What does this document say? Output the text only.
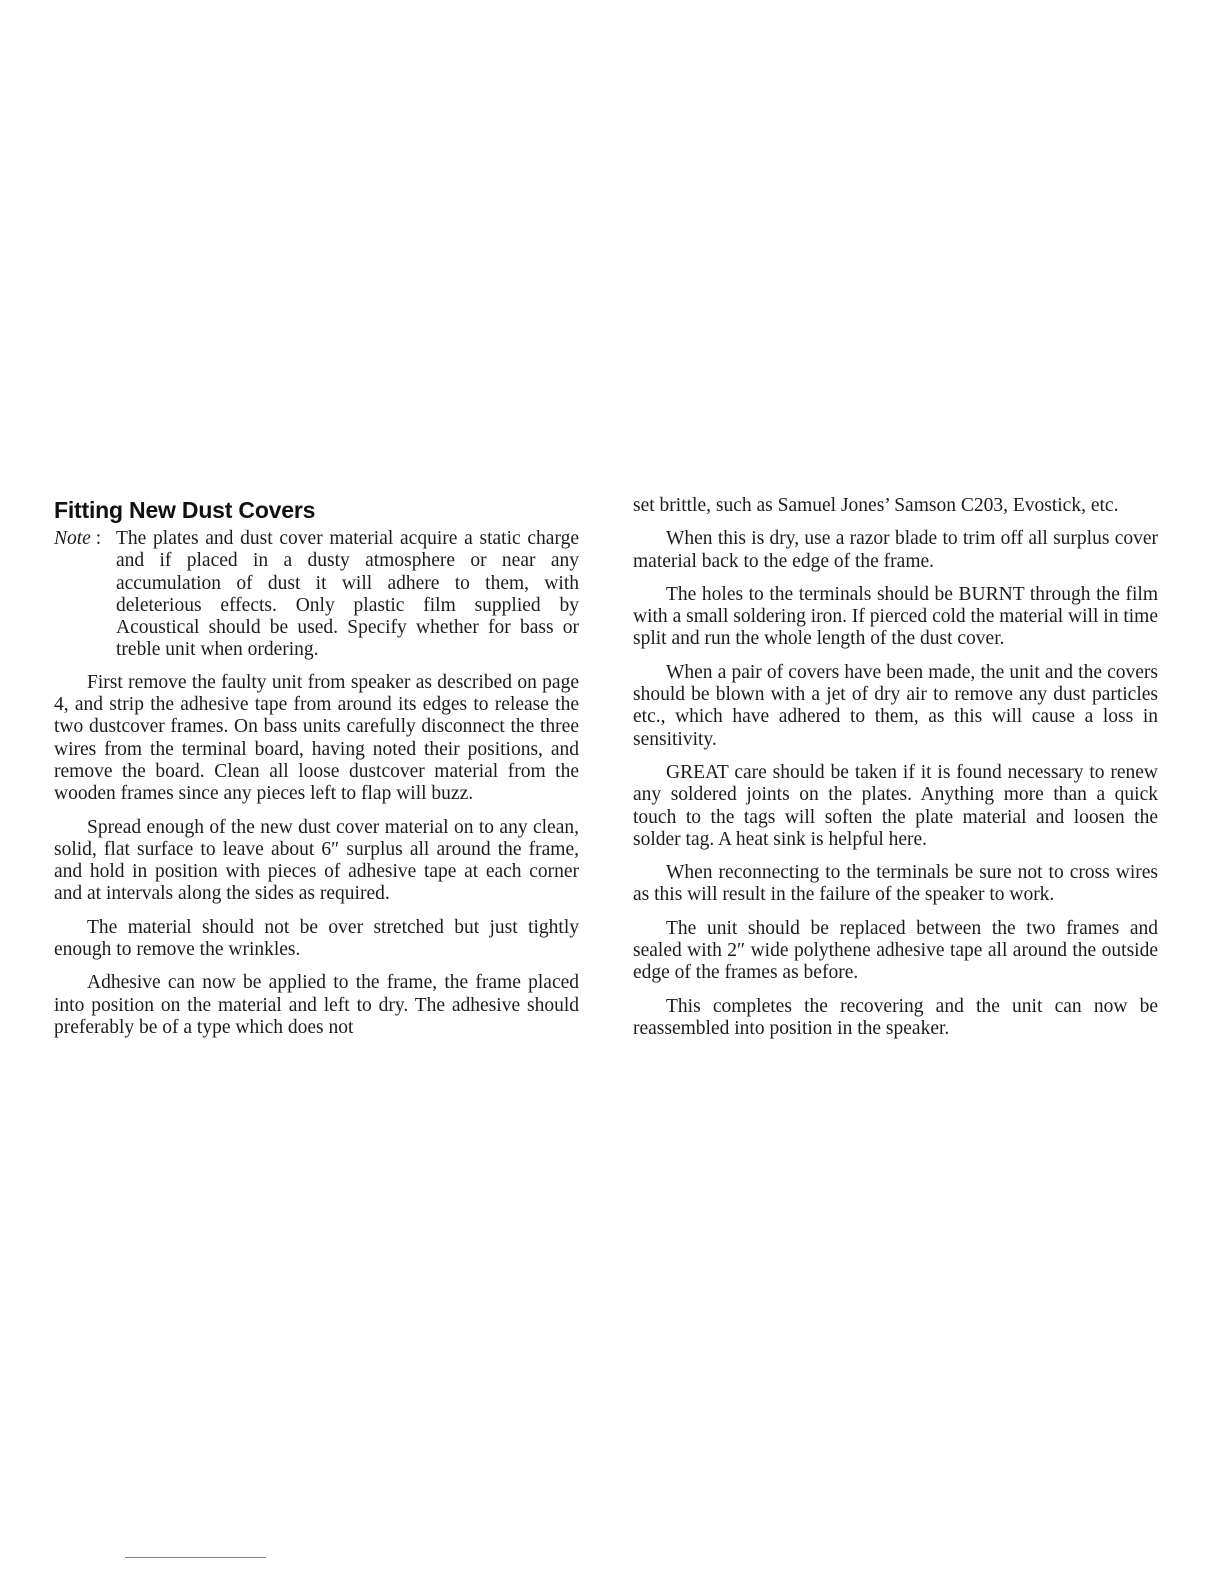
Fitting New Dust Covers
Note : The plates and dust cover material acquire a static charge and if placed in a dusty atmosphere or near any accumulation of dust it will adhere to them, with deleterious effects. Only plastic film supplied by Acoustical should be used. Specify whether for bass or treble unit when ordering.

First remove the faulty unit from speaker as described on page 4, and strip the adhesive tape from around its edges to release the two dustcover frames. On bass units carefully disconnect the three wires from the terminal board, having noted their positions, and remove the board. Clean all loose dustcover material from the wooden frames since any pieces left to flap will buzz.

Spread enough of the new dust cover material on to any clean, solid, flat surface to leave about 6″ surplus all around the frame, and hold in position with pieces of adhesive tape at each corner and at intervals along the sides as required.

The material should not be over stretched but just tightly enough to remove the wrinkles.

Adhesive can now be applied to the frame, the frame placed into position on the material and left to dry. The adhesive should preferably be of a type which does not

set brittle, such as Samuel Jones’ Samson C203, Evostick, etc.

When this is dry, use a razor blade to trim off all surplus cover material back to the edge of the frame.

The holes to the terminals should be BURNT through the film with a small soldering iron. If pierced cold the material will in time split and run the whole length of the dust cover.

When a pair of covers have been made, the unit and the covers should be blown with a jet of dry air to remove any dust particles etc., which have adhered to them, as this will cause a loss in sensitivity.

GREAT care should be taken if it is found necessary to renew any soldered joints on the plates. Anything more than a quick touch to the tags will soften the plate material and loosen the solder tag. A heat sink is helpful here.

When reconnecting to the terminals be sure not to cross wires as this will result in the failure of the speaker to work.

The unit should be replaced between the two frames and sealed with 2″ wide polythene adhesive tape all around the outside edge of the frames as before.

This completes the recovering and the unit can now be reassembled into position in the speaker.
